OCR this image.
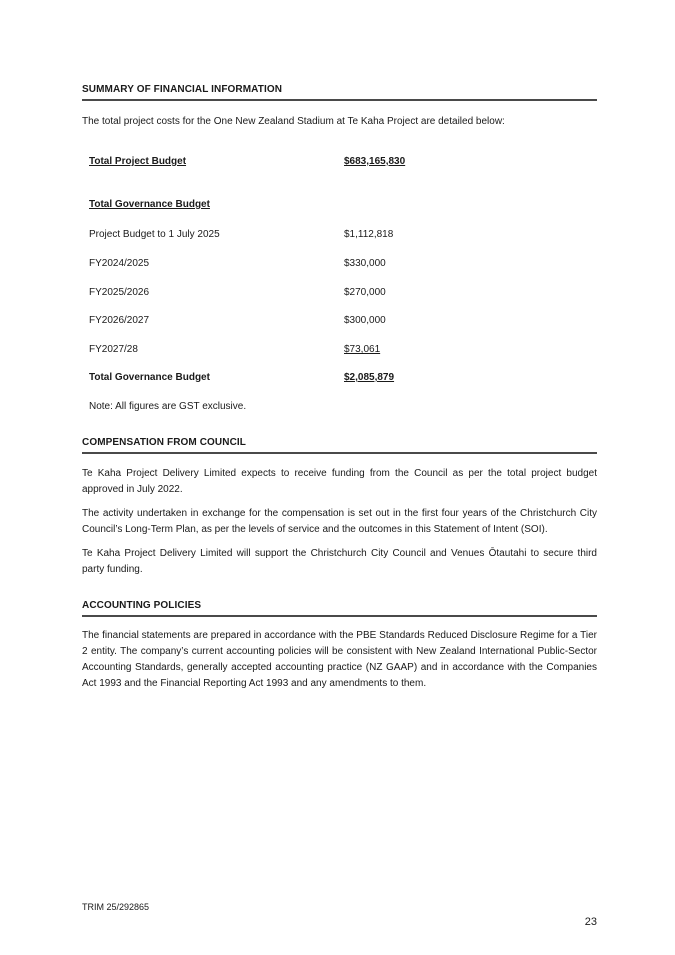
SUMMARY OF FINANCIAL INFORMATION

The total project costs for the One New Zealand Stadium at Te Kaha Project are detailed below:

Total Project Budget	$683,165,830
Total Governance Budget
Project Budget to 1 July 2025	$1,112,818
FY2024/2025	$330,000
FY2025/2026	$270,000
FY2026/2027	$300,000
FY2027/28	$73,061
Total Governance Budget	$2,085,879
Note: All figures are GST exclusive.
COMPENSATION FROM COUNCIL

Te Kaha Project Delivery Limited expects to receive funding from the Council as per the total project budget approved in July 2022.

The activity undertaken in exchange for the compensation is set out in the first four years of the Christchurch City Council’s Long-Term Plan, as per the levels of service and the outcomes in this Statement of Intent (SOI).

Te Kaha Project Delivery Limited will support the Christchurch City Council and Venues Ōtautahi to secure third party funding.

ACCOUNTING POLICIES

The financial statements are prepared in accordance with the PBE Standards Reduced Disclosure Regime for a Tier 2 entity. The company’s current accounting policies will be consistent with New Zealand International Public-Sector Accounting Standards, generally accepted accounting practice (NZ GAAP) and in accordance with the Companies Act 1993 and the Financial Reporting Act 1993 and any amendments to them.

TRIM 25/292865
23
